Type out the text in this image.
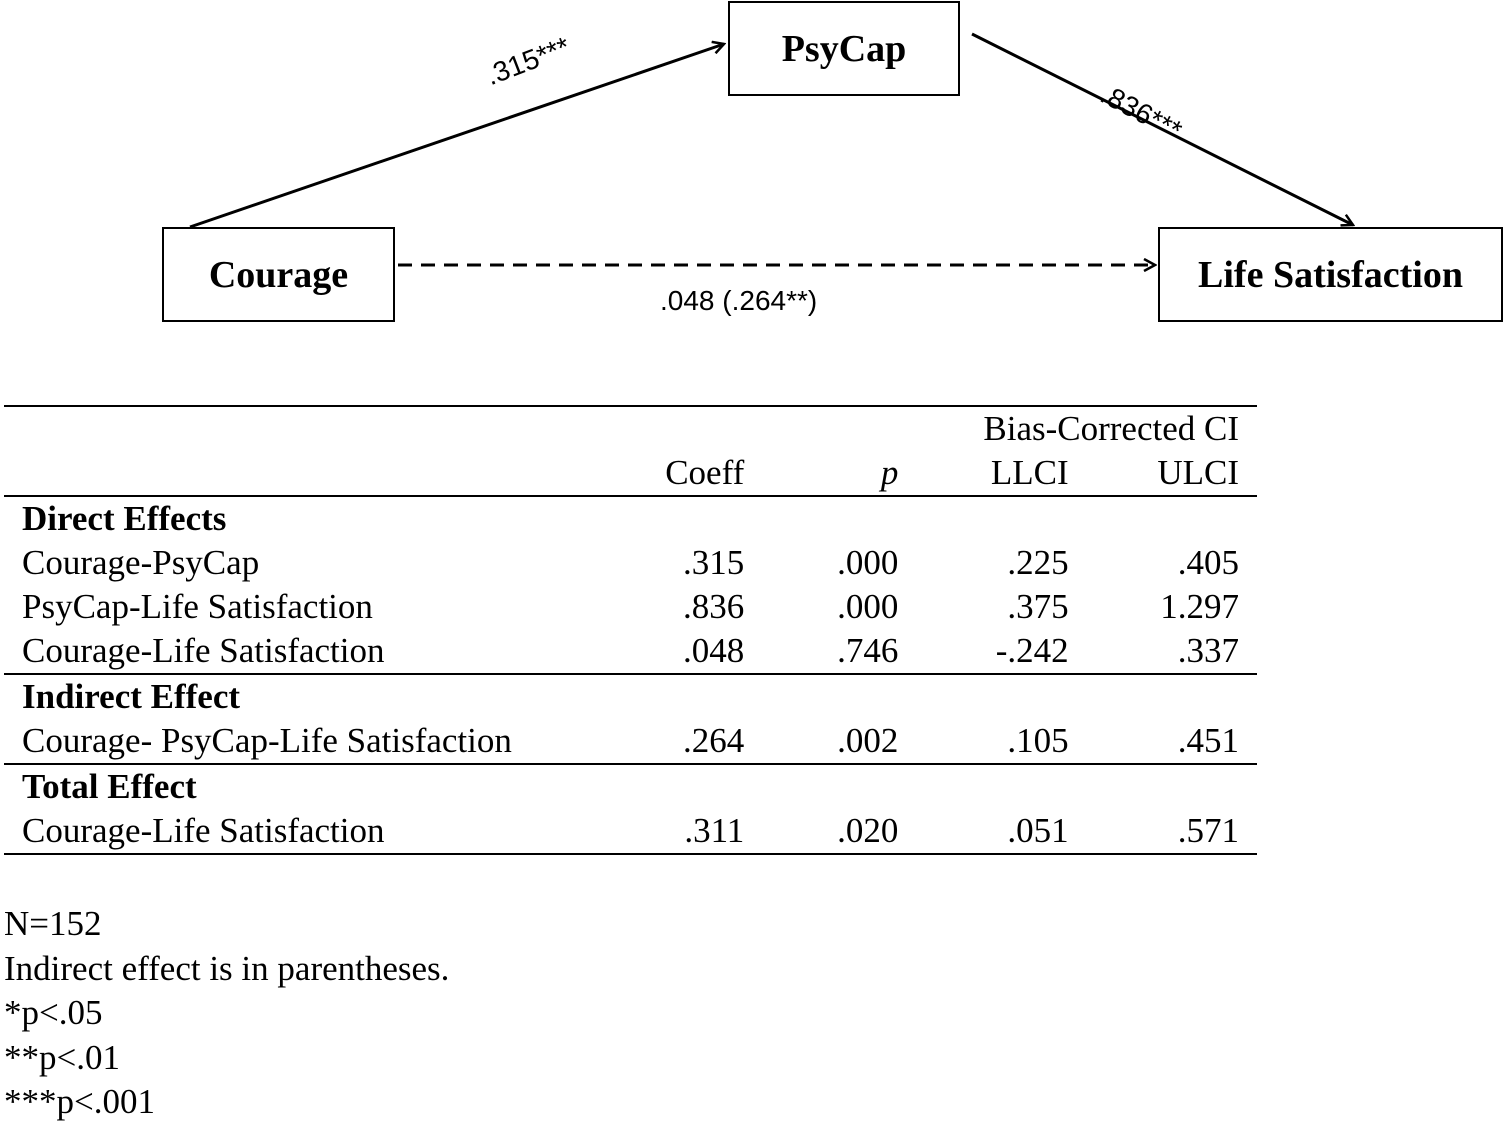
PsyCap
Courage	Life Satisfaction
.315***
.836***
.048 (.264**)
			Bias-Corrected CI	
	Coeff	p	LLCI	ULCI
Direct Effects				
Courage-PsyCap	.315	.000	.225	.405
PsyCap-Life Satisfaction	.836	.000	.375	1.297
Courage-Life Satisfaction	.048	.746	-.242	.337
Indirect Effect				
Courage- PsyCap-Life Satisfaction	.264	.002	.105	.451
Total Effect				
Courage-Life Satisfaction	.311	.020	.051	.571
N=152
Indirect effect is in parentheses.
*p<.05
**p<.01
***p<.001
